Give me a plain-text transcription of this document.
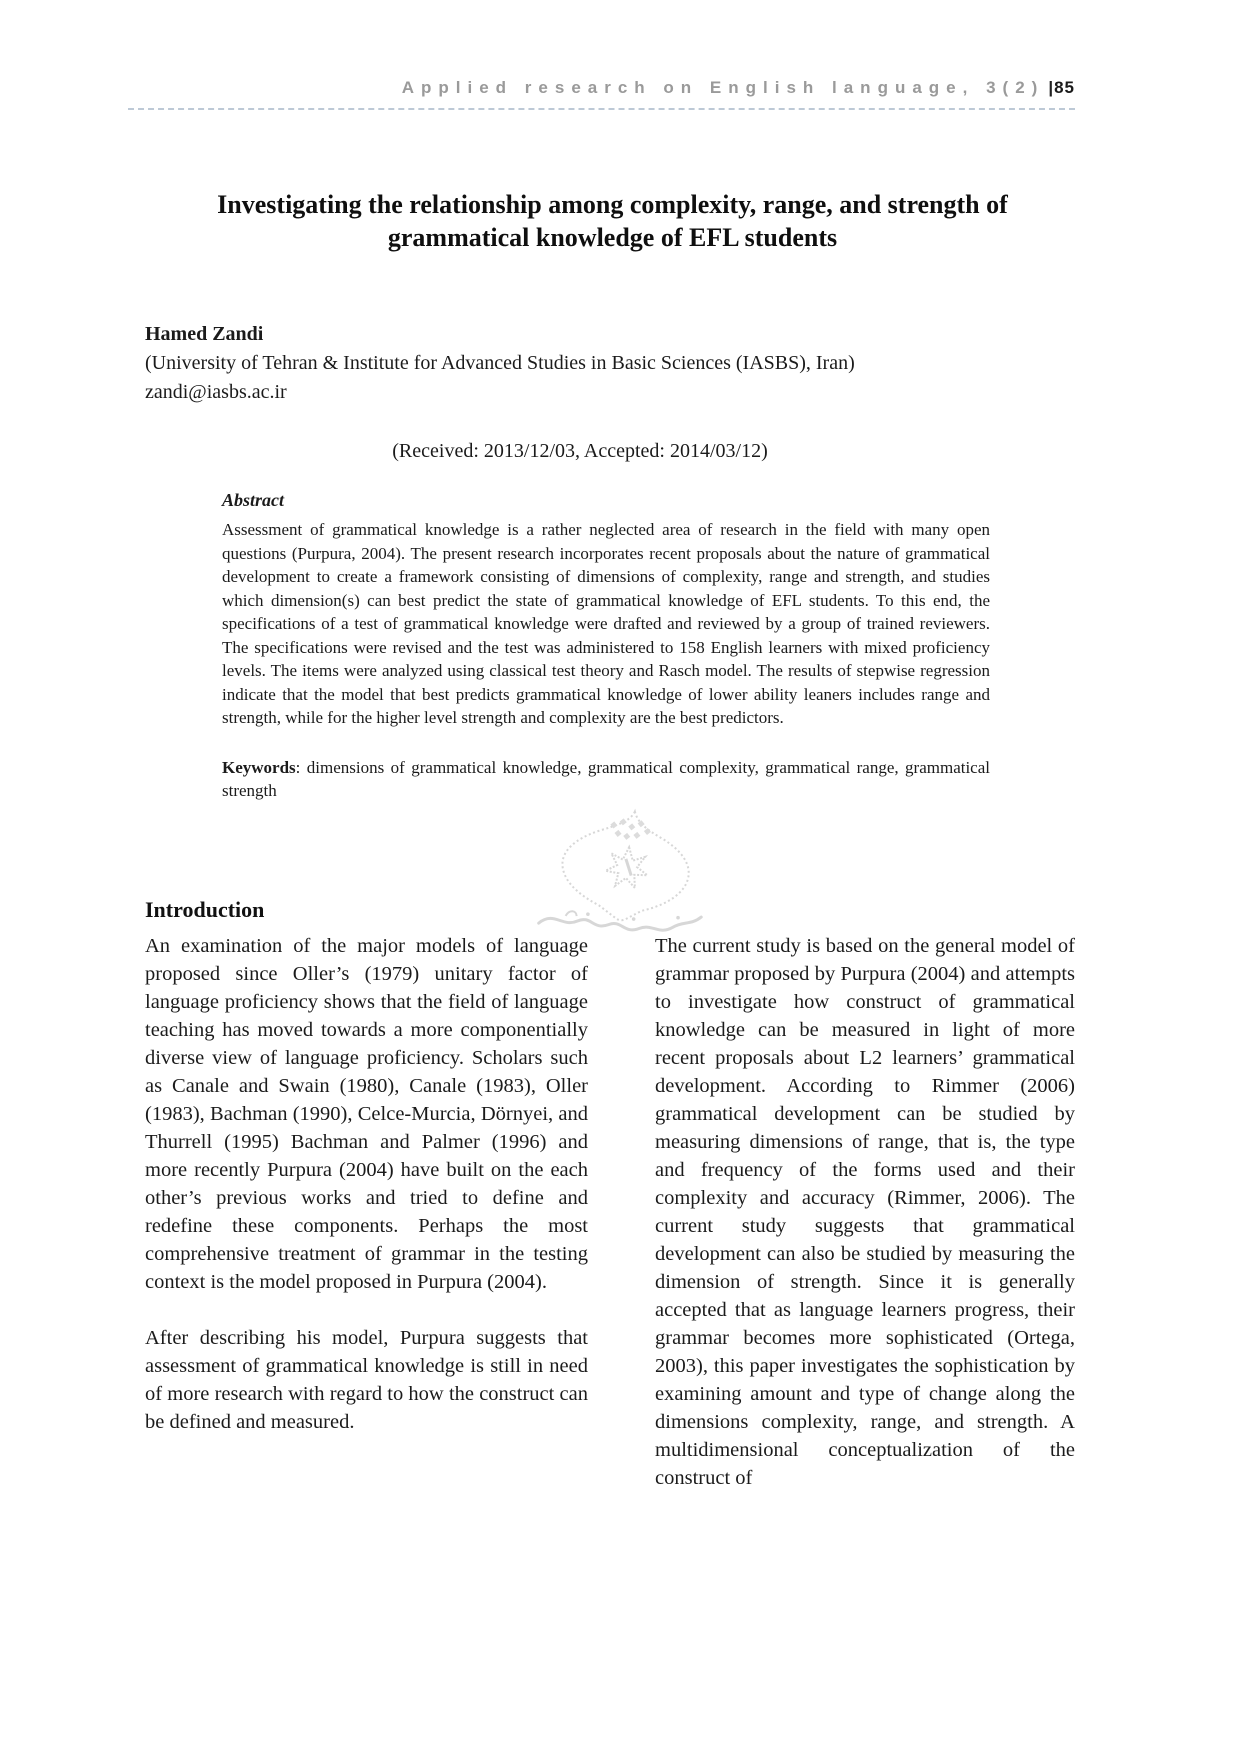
Applied research on English language, 3(2) |85
Investigating the relationship among complexity, range, and strength of
grammatical knowledge of EFL students
Hamed Zandi
(University of Tehran & Institute for Advanced Studies in Basic Sciences (IASBS), Iran)
zandi@iasbs.ac.ir
(Received: 2013/12/03, Accepted: 2014/03/12)
Abstract

Assessment of grammatical knowledge is a rather neglected area of research in the field with many open questions (Purpura, 2004). The present research incorporates recent proposals about the nature of grammatical development to create a framework consisting of dimensions of complexity, range and strength, and studies which dimension(s) can best predict the state of grammatical knowledge of EFL students. To this end, the specifications of a test of grammatical knowledge were drafted and reviewed by a group of trained reviewers. The specifications were revised and the test was administered to 158 English learners with mixed proficiency levels. The items were analyzed using classical test theory and Rasch model. The results of stepwise regression indicate that the model that best predicts grammatical knowledge of lower ability leaners includes range and strength, while for the higher level strength and complexity are the best predictors.

Keywords: dimensions of grammatical knowledge, grammatical complexity, grammatical range, grammatical strength

Introduction

An examination of the major models of language proposed since Oller’s (1979) unitary factor of language proficiency shows that the field of language teaching has moved towards a more componentially diverse view of language proficiency. Scholars such as Canale and Swain (1980), Canale (1983), Oller (1983), Bachman (1990), Celce-Murcia, Dörnyei, and Thurrell (1995) Bachman and Palmer (1996) and more recently Purpura (2004) have built on the each other’s previous works and tried to define and redefine these components. Perhaps the most comprehensive treatment of grammar in the testing context is the model proposed in Purpura (2004).

After describing his model, Purpura suggests that assessment of grammatical knowledge is still in need of more research with regard to how the construct can be defined and measured.

The current study is based on the general model of grammar proposed by Purpura (2004) and attempts to investigate how construct of grammatical knowledge can be measured in light of more recent proposals about L2 learners’ grammatical development. According to Rimmer (2006) grammatical development can be studied by measuring dimensions of range, that is, the type and frequency of the forms used and their complexity and accuracy (Rimmer, 2006). The current study suggests that grammatical development can also be studied by measuring the dimension of strength. Since it is generally accepted that as language learners progress, their grammar becomes more sophisticated (Ortega, 2003), this paper investigates the sophistication by examining amount and type of change along the dimensions complexity, range, and strength. A multidimensional conceptualization of the construct of
